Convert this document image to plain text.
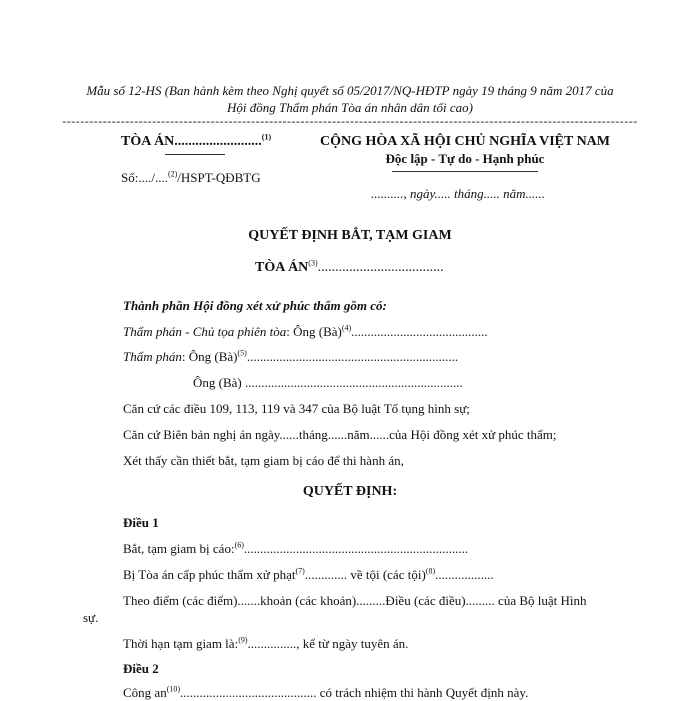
Mẫu số 12-HS (Ban hành kèm theo Nghị quyết số 05/2017/NQ-HĐTP ngày 19 tháng 9 năm 2017 của
Hội đồng Thẩm phán Tòa án nhân dân tối cao)
--------------------------------------------------------------------------------------------------------------------------------
TÒA ÁN.........................$^{(1)}$
Số:..../....$^{(2)}$/HSPT-QĐBTG
CỘNG HÒA XÃ HỘI CHỦ NGHĨA VIỆT NAM
Độc lập - Tự do - Hạnh phúc
.........., ngày..... tháng..... năm......
QUYẾT ĐỊNH BẮT, TẠM GIAM
TÒA ÁN$^{(3)}$....................................
Thành phần Hội đồng xét xử phúc thẩm gồm có:
Thẩm phán - Chủ tọa phiên tòa: Ông (Bà)$^{(4)}$..........................................
Thẩm phán: Ông (Bà)$^{(5)}$.................................................................
Ông (Bà) ...................................................................
Căn cứ các điều 109, 113, 119 và 347 của Bộ luật Tố tụng hình sự;
Căn cứ Biên bản nghị án ngày......tháng......năm......của Hội đồng xét xử phúc thẩm;
Xét thấy cần thiết bắt, tạm giam bị cáo để thi hành án,
QUYẾT ĐỊNH:
Điều 1
Bắt, tạm giam bị cáo:$^{(6)}$.....................................................................
Bị Tòa án cấp phúc thẩm xử phạt$^{(7)}$............. về tội (các tội)$^{(8)}$..................
Theo điểm (các điểm).......khoản (các khoản).........Điều (các điều)......... của Bộ luật Hình
sự.
Thời hạn tạm giam là:$^{(9)}$..............., kể từ ngày tuyên án.
Điều 2
Công $an^{(10)}$.......................................... có trách nhiệm thi hành Quyết định này.
